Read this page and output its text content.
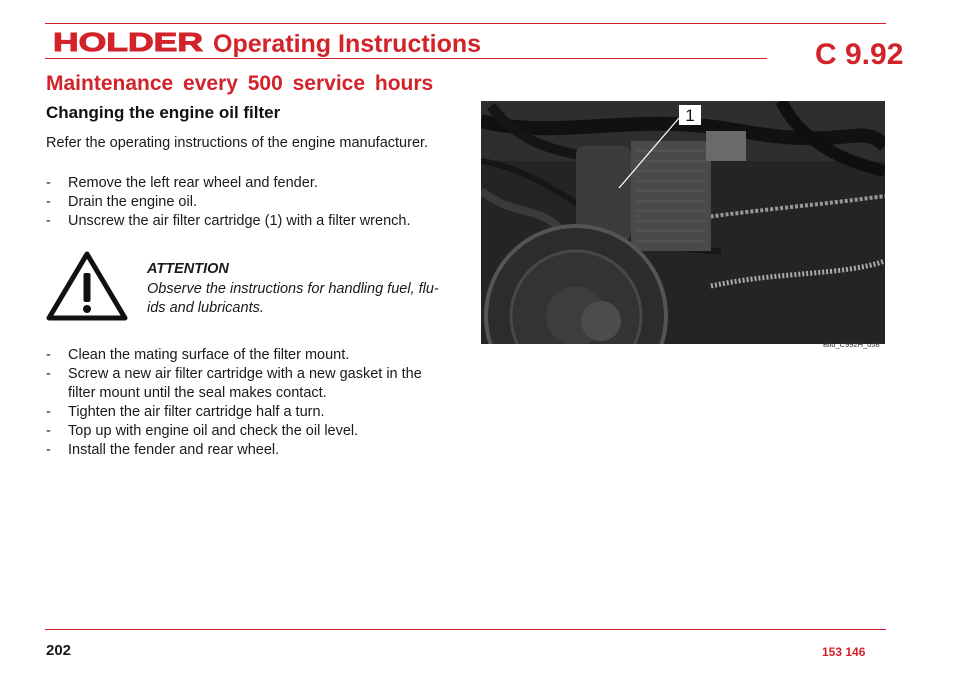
HOLDER Operating Instructions	C 9.92
Maintenance every 500 service hours
Changing the engine oil filter

Refer the operating instructions of the engine manufacturer.

- Remove the left rear wheel and fender.
- Drain the engine oil.
- Unscrew the air filter cartridge (1) with a filter wrench.
ATTENTION

Observe the instructions for handling fuel, flu-ids and lubricants.

- Clean the mating surface of the filter mount.
- Screw a new air filter cartridge with a new gasket in the filter mount until the seal makes contact.
- Tighten the air filter cartridge half a turn.
- Top up with engine oil and check the oil level.
- Install the fender and rear wheel.
1
Bild_C992H_058
202	153 146
